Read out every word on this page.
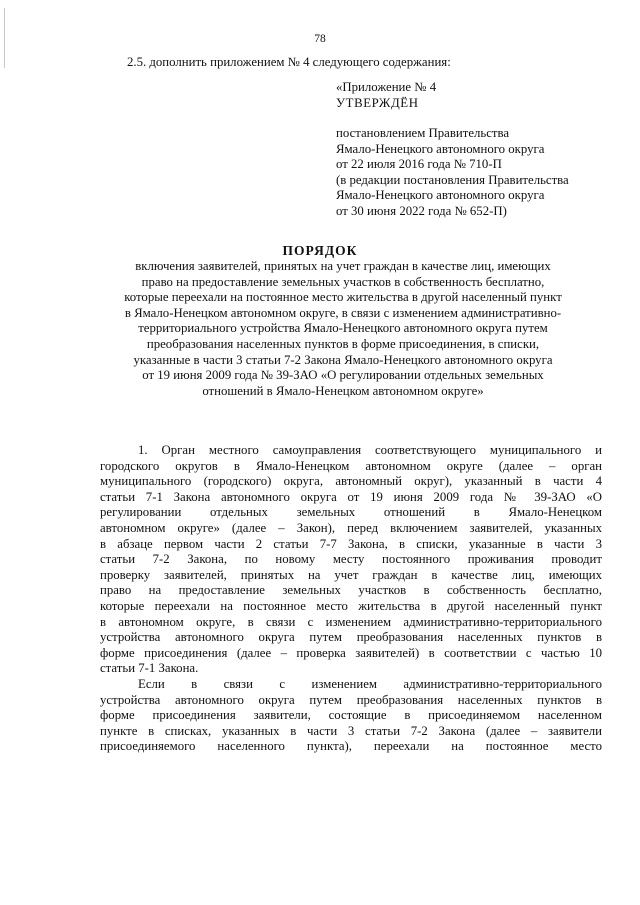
78
2.5. дополнить приложением № 4 следующего содержания:
«Приложение № 4
УТВЕРЖДЁН
постановлением Правительства
Ямало-Ненецкого автономного округа
от 22 июля 2016 года № 710-П
(в редакции постановления Правительства
Ямало-Ненецкого автономного округа
от 30 июня 2022 года № 652-П)
ПОРЯДОК
включения заявителей, принятых на учет граждан в качестве лиц, имеющих
право на предоставление земельных участков в собственность бесплатно,
которые переехали на постоянное место жительства в другой населенный пункт
в Ямало-Ненецком автономном округе, в связи с изменением административно-
территориального устройства Ямало-Ненецкого автономного округа путем
преобразования населенных пунктов в форме присоединения, в списки,
указанные в части 3 статьи 7-2 Закона Ямало-Ненецкого автономного округа
от 19 июня 2009 года № 39-ЗАО «О регулировании отдельных земельных
отношений в Ямало-Ненецком автономном округе»
1. Орган местного самоуправления соответствующего муниципального и
городского округов в Ямало-Ненецком автономном округе (далее – орган
муниципального (городского) округа, автономный округ), указанный в части 4
статьи 7-1 Закона автономного округа от 19 июня 2009 года № 39-ЗАО «О
регулировании отдельных земельных отношений в Ямало-Ненецком
автономном округе» (далее – Закон), перед включением заявителей, указанных
в абзаце первом части 2 статьи 7-7 Закона, в списки, указанные в части 3
статьи 7-2 Закона, по новому месту постоянного проживания проводит
проверку заявителей, принятых на учет граждан в качестве лиц, имеющих
право на предоставление земельных участков в собственность бесплатно,
которые переехали на постоянное место жительства в другой населенный пункт
в автономном округе, в связи с изменением административно-территориального
устройства автономного округа путем преобразования населенных пунктов в
форме присоединения (далее – проверка заявителей) в соответствии с частью 10
статьи 7-1 Закона.
Если в связи с изменением административно-территориального
устройства автономного округа путем преобразования населенных пунктов в
форме присоединения заявители, состоящие в присоединяемом населенном
пункте в списках, указанных в части 3 статьи 7-2 Закона (далее – заявители
присоединяемого населенного пункта), переехали на постоянное место
